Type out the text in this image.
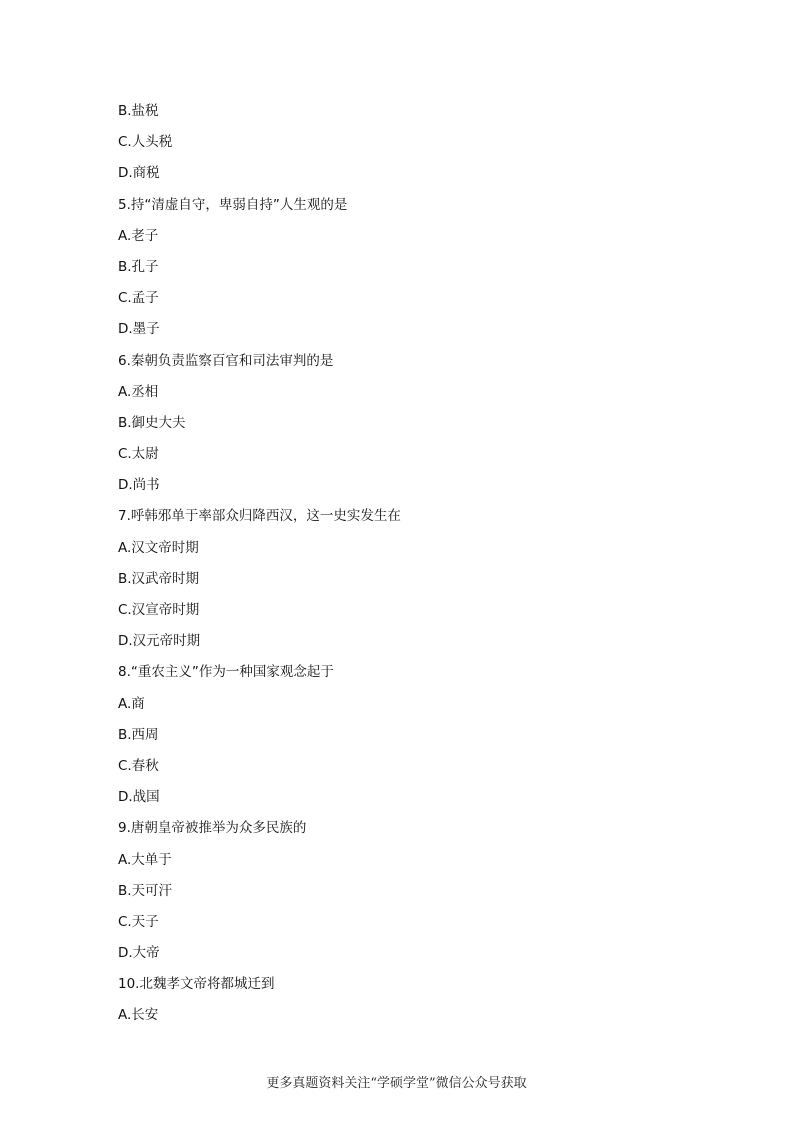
B.盐税
C.人头税
D.商税
5.持“清虚自守，卑弱自持”人生观的是
A.老子
B.孔子
C.孟子
D.墨子
6.秦朝负责监察百官和司法审判的是
A.丞相
B.御史大夫
C.太尉
D.尚书
7.呼韩邪单于率部众归降西汉，这一史实发生在
A.汉文帝时期
B.汉武帝时期
C.汉宣帝时期
D.汉元帝时期
8.“重农主义”作为一种国家观念起于
A.商
B.西周
C.春秋
D.战国
9.唐朝皇帝被推举为众多民族的
A.大单于
B.天可汗
C.天子
D.大帝
10.北魏孝文帝将都城迁到
A.长安
更多真题资料关注“学硕学堂”微信公众号获取
